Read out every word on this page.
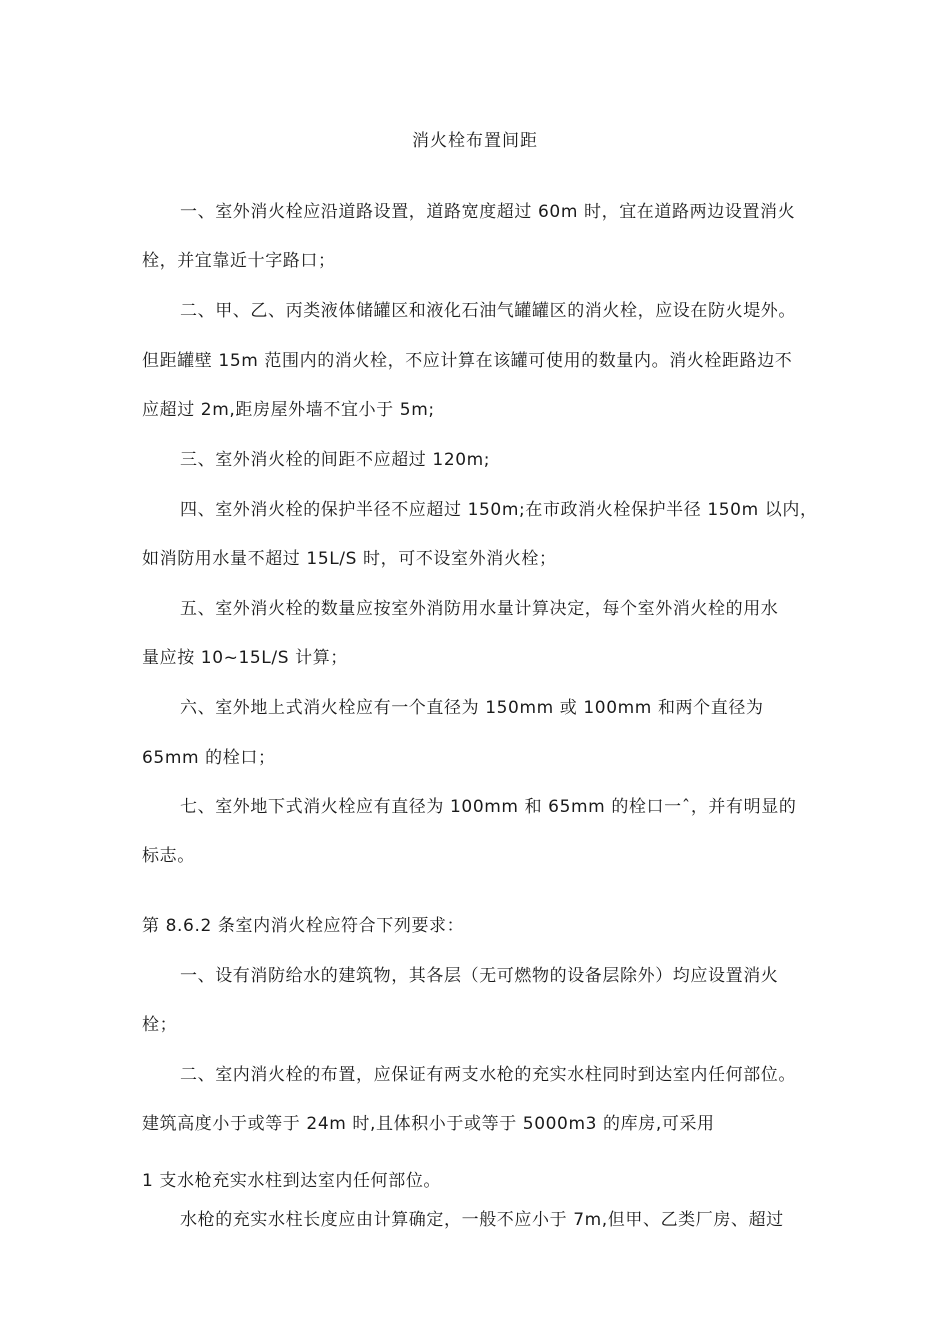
消火栓布置间距
一、室外消火栓应沿道路设置，道路宽度超过 60m 时，宜在道路两边设置消火
栓，并宜靠近十字路口；
二、甲、乙、丙类液体储罐区和液化石油气罐罐区的消火栓，应设在防火堤外。
但距罐壁 15m 范围内的消火栓，不应计算在该罐可使用的数量内。消火栓距路边不
应超过 2m,距房屋外墙不宜小于 5m;
三、室外消火栓的间距不应超过 120m;
四、室外消火栓的保护半径不应超过 150m;在市政消火栓保护半径 150m 以内，
如消防用水量不超过 15L/S 时，可不设室外消火栓；
五、室外消火栓的数量应按室外消防用水量计算决定，每个室外消火栓的用水
量应按 10~15L/S 计算；
六、室外地上式消火栓应有一个直径为 150mm 或 100mm 和两个直径为
65mm 的栓口；
七、室外地下式消火栓应有直径为 100mm 和 65mm 的栓口一ˆ，并有明显的
标志。
第 8.6.2 条室内消火栓应符合下列要求：
一、设有消防给水的建筑物，其各层（无可燃物的设备层除外）均应设置消火
栓；
二、室内消火栓的布置，应保证有两支水枪的充实水柱同时到达室内任何部位。
建筑高度小于或等于 24m 时,且体积小于或等于 5000m3 的库房,可采用
1 支水枪充实水柱到达室内任何部位。
水枪的充实水柱长度应由计算确定，一般不应小于 7m,但甲、乙类厂房、超过
